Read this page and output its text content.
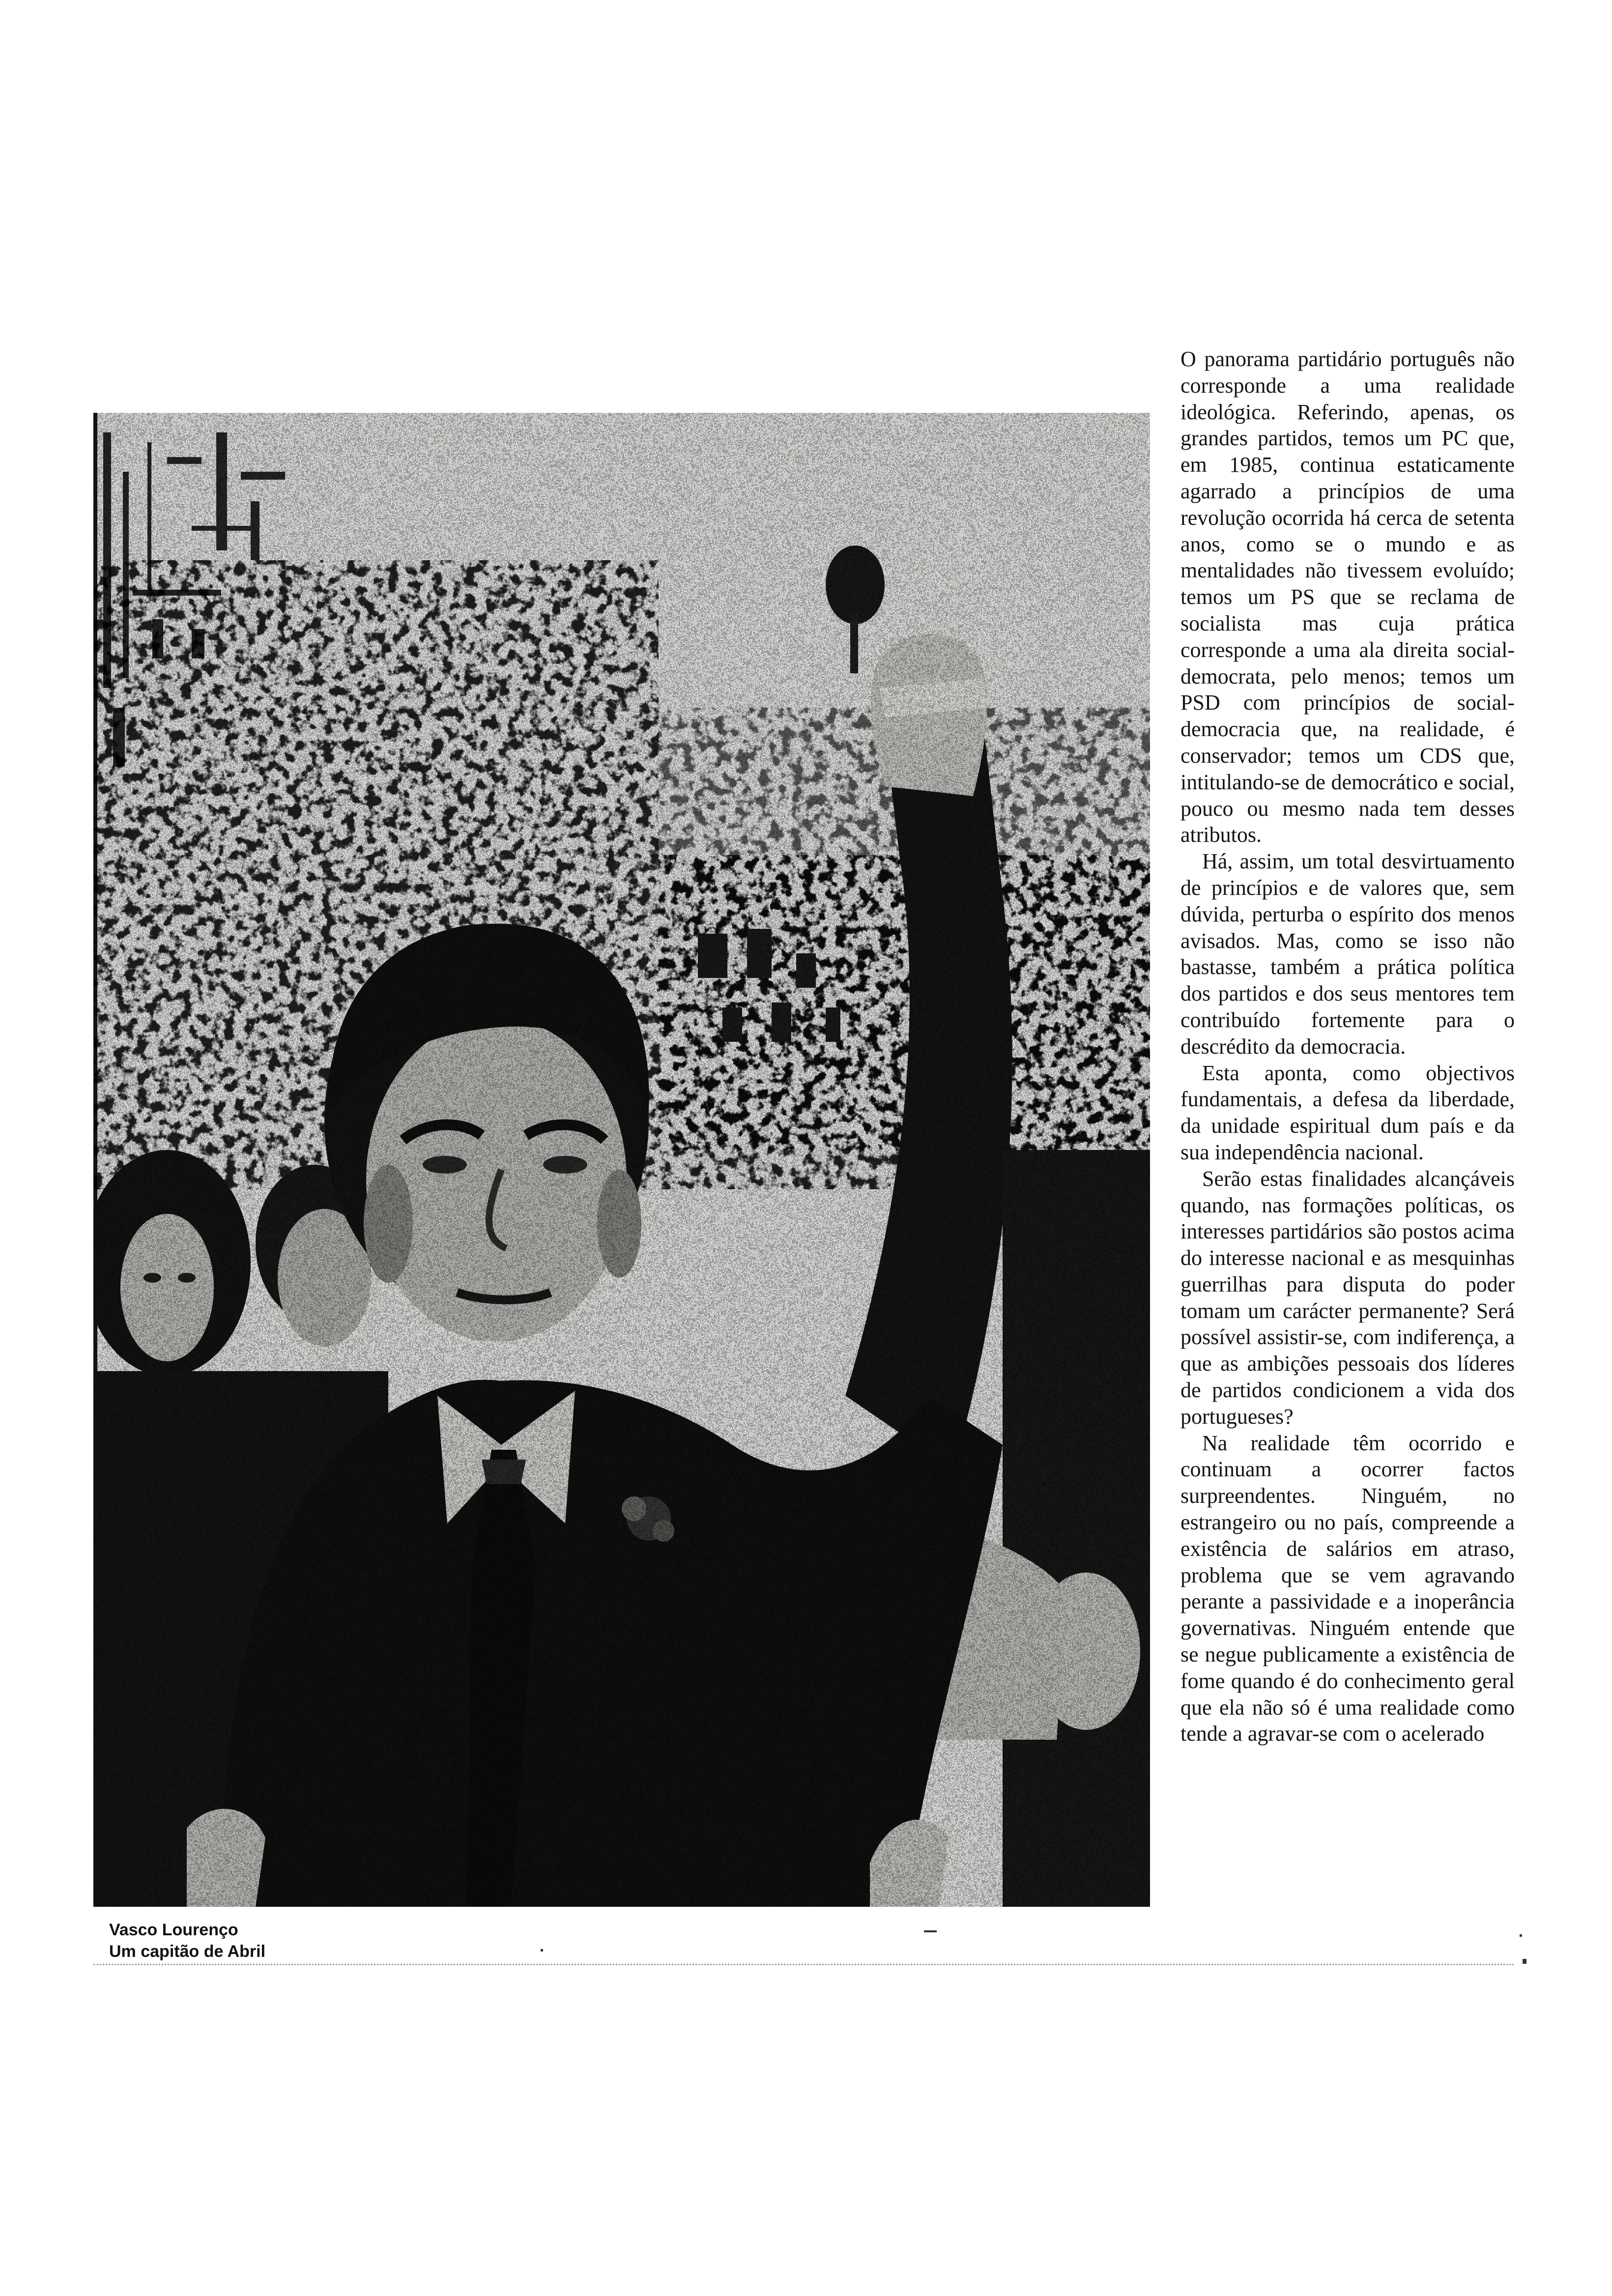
Vasco Lourenço
Um capitão de Abril

O panorama partidário português não corresponde a uma realidade ideológica. Referindo, apenas, os grandes partidos, temos um PC que, em 1985, continua estaticamente agarrado a princípios de uma revolução ocorrida há cerca de setenta anos, como se o mundo e as mentalidades não tivessem evoluído; temos um PS que se reclama de socialista mas cuja prática corresponde a uma ala direita social-democrata, pelo menos; temos um PSD com princípios de social-democracia que, na realidade, é conservador; temos um CDS que, intitulando-se de democrático e social, pouco ou mesmo nada tem desses atributos.

Há, assim, um total desvirtuamento de princípios e de valores que, sem dúvida, perturba o espírito dos menos avisados. Mas, como se isso não bastasse, também a prática política dos partidos e dos seus mentores tem contribuído fortemente para o descrédito da democracia.

Esta aponta, como objectivos fundamentais, a defesa da liberdade, da unidade espiritual dum país e da sua independência nacional.

Serão estas finalidades alcançáveis quando, nas formações políticas, os interesses partidários são postos acima do interesse nacional e as mesquinhas guerrilhas para disputa do poder tomam um carácter permanente? Será possível assistir-se, com indiferença, a que as ambições pessoais dos líderes de partidos condicionem a vida dos portugueses?

Na realidade têm ocorrido e continuam a ocorrer factos surpreendentes. Ninguém, no estrangeiro ou no país, compreende a existência de salários em atraso, problema que se vem agravando perante a passividade e a inoperância governativas. Ninguém entende que se negue publicamente a existência de fome quando é do conhecimento geral que ela não só é uma realidade como tende a agravar-se com o acelerado
